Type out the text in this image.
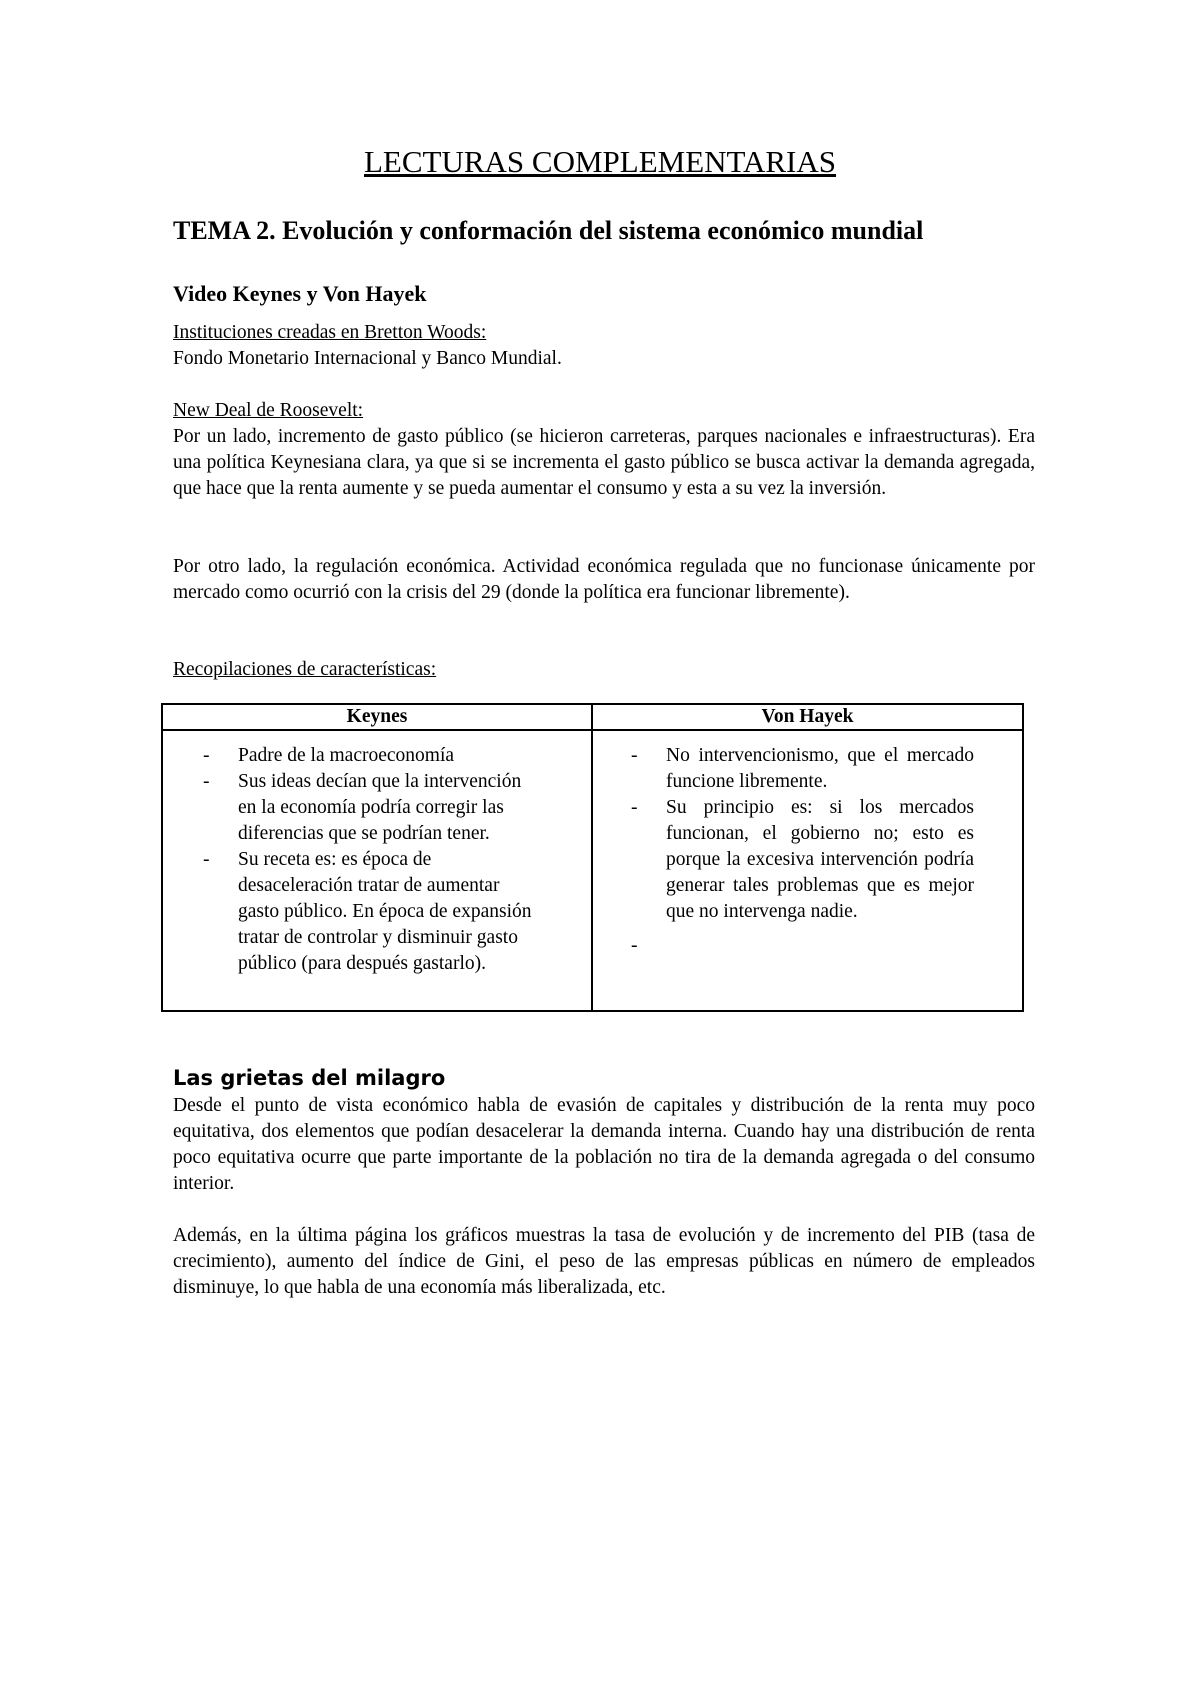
LECTURAS COMPLEMENTARIAS
TEMA 2. Evolución y conformación del sistema económico mundial
Video Keynes y Von Hayek
Instituciones creadas en Bretton Woods:
Fondo Monetario Internacional y Banco Mundial.
New Deal de Roosevelt:
Por un lado, incremento de gasto público (se hicieron carreteras, parques nacionales e infraestructuras). Era una política Keynesiana clara, ya que si se incrementa el gasto público se busca activar la demanda agregada, que hace que la renta aumente y se pueda aumentar el consumo y esta a su vez la inversión.
Por otro lado, la regulación económica. Actividad económica regulada que no funcionase únicamente por mercado como ocurrió con la crisis del 29 (donde la política era funcionar libremente).
Recopilaciones de características:
Keynes	Von Hayek
- Padre de la macroeconomía
- Sus ideas decían que la intervención en la economía podría corregir las diferencias que se podrían tener.
- Su receta es: es época de desaceleración tratar de aumentar gasto público. En época de expansión tratar de controlar y disminuir gasto público (para después gastarlo).
- No intervencionismo, que el mercado funcione libremente.
- Su principio es: si los mercados funcionan, el gobierno no; esto es porque la excesiva intervención podría generar tales problemas que es mejor que no intervenga nadie.
-
Las grietas del milagro
Desde el punto de vista económico habla de evasión de capitales y distribución de la renta muy poco equitativa, dos elementos que podían desacelerar la demanda interna. Cuando hay una distribución de renta poco equitativa ocurre que parte importante de la población no tira de la demanda agregada o del consumo interior.
Además, en la última página los gráficos muestras la tasa de evolución y de incremento del PIB (tasa de crecimiento), aumento del índice de Gini, el peso de las empresas públicas en número de empleados disminuye, lo que habla de una economía más liberalizada, etc.
